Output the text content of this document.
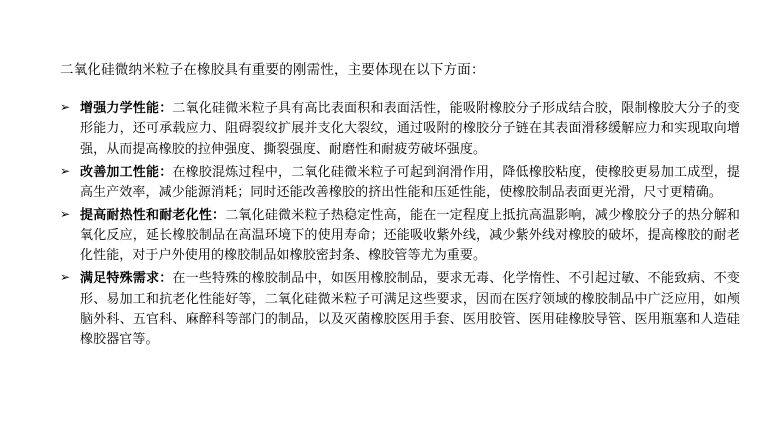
二氧化硅微纳米粒子在橡胶具有重要的刚需性，主要体现在以下方面：

➢ 增强力学性能：二氧化硅微米粒子具有高比表面积和表面活性，能吸附橡胶分子形成结合胶，限制橡胶大分子的变形能力，还可承载应力、阻碍裂纹扩展并支化大裂纹，通过吸附的橡胶分子链在其表面滑移缓解应力和实现取向增强，从而提高橡胶的拉伸强度、撕裂强度、耐磨性和耐疲劳破坏强度。
➢ 改善加工性能：在橡胶混炼过程中，二氧化硅微米粒子可起到润滑作用，降低橡胶粘度，使橡胶更易加工成型，提高生产效率，减少能源消耗；同时还能改善橡胶的挤出性能和压延性能，使橡胶制品表面更光滑，尺寸更精确。
➢ 提高耐热性和耐老化性：二氧化硅微米粒子热稳定性高，能在一定程度上抵抗高温影响，减少橡胶分子的热分解和氧化反应，延长橡胶制品在高温环境下的使用寿命；还能吸收紫外线，减少紫外线对橡胶的破坏，提高橡胶的耐老化性能，对于户外使用的橡胶制品如橡胶密封条、橡胶管等尤为重要。
➢ 满足特殊需求：在一些特殊的橡胶制品中，如医用橡胶制品，要求无毒、化学惰性、不引起过敏、不能致病、不变形、易加工和抗老化性能好等，二氧化硅微米粒子可满足这些要求，因而在医疗领域的橡胶制品中广泛应用，如颅脑外科、五官科、麻醉科等部门的制品，以及灭菌橡胶医用手套、医用胶管、医用硅橡胶导管、医用瓶塞和人造硅橡胶器官等。
